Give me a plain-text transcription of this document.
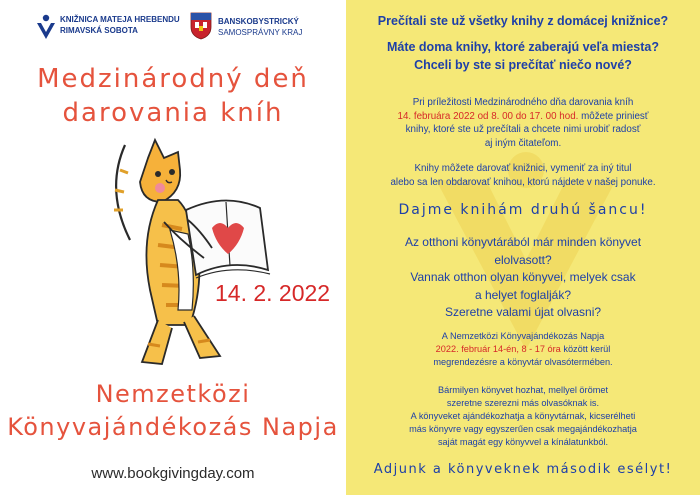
KNIŽNICA MATEJA HREBENDU
RIMAVSKÁ SOBOTA
BANSKOBYSTRICKÝ
SAMOSPRÁVNY KRAJ
Medzinárodný deň
darovania kníh
14. 2. 2022
Nemzetközi
Könyvajándékozás Napja
www.bookgivingday.com
Prečítali ste už všetky knihy z domácej knižnice?
Máte doma knihy, ktoré zaberajú veľa miesta?
Chceli by ste si prečítať niečo nové?
Pri príležitosti Medzinárodného dňa darovania kníh
14. februára 2022 od 8. 00 do 17. 00 hod. môžete priniesť
knihy, ktoré ste už prečítali a chcete nimi urobiť radosť
aj iným čitateľom.
Knihy môžete darovať knižnici, vymeniť za iný titul
alebo sa len obdarovať knihou, ktorú nájdete v našej ponuke.
Dajme knihám druhú šancu!
Az otthoni könyvtárából már minden könyvet
elolvasott?
Vannak otthon olyan könyvei, melyek csak
a helyet foglalják?
Szeretne valami újat olvasni?
A Nemzetközi Könyvajándékozás Napja
2022. február 14-én, 8 - 17 óra között kerül
megrendezésre a könyvtár olvasótermében.
Bármilyen könyvet hozhat, mellyel örömet
szeretne szerezni más olvasóknak is.
A könyveket ajándékozhatja a könyvtárnak, kicserélheti
más könyvre vagy egyszerűen csak megajándékozhatja
saját magát egy könyvvel a kínálatunkból.
Adjunk a könyveknek második esélyt!
